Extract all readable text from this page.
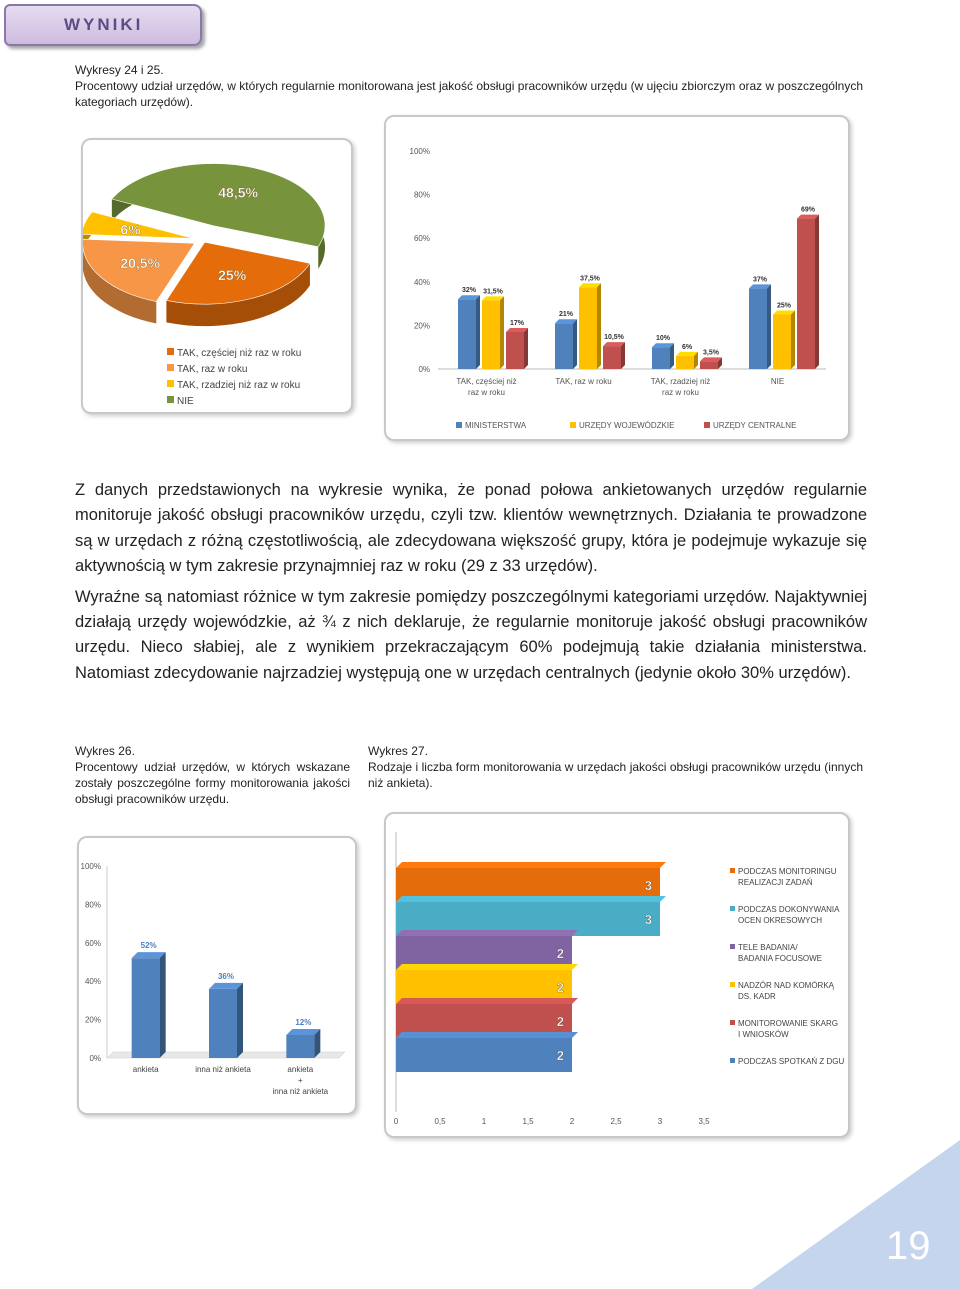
WYNIKI

Wykresy 24 i 25.

Procentowy udział urzędów, w których regularnie monitorowana jest jakość obsługi pracowników urzędu (w ujęciu zbiorczym oraz w poszczególnych kategoriach urzędów).

25%
20,5%
6%
48,5%
TAK, częściej niż raz w roku
TAK, raz w roku
TAK, rzadziej niż raz w roku
NIE
0%
20%
40%
60%
80%
100%
32% 31,5%
17%
TAK, częściej niż raz w roku
21%
37,5%
10,5%
TAK, raz w roku
10%
6%
3,5%
TAK, rzadziej niż raz w roku
37%
25%
69%
NIE
MINISTERSTWA	URZĘDY WOJEWÓDZKIE	URZĘDY CENTRALNE

Z danych przedstawionych na wykresie wynika, że ponad połowa ankietowanych urzędów regularnie monitoruje jakość obsługi pracowników urzędu, czyli tzw. klientów wewnętrznych. Działania te prowadzone są w urzędach z różną częstotliwością, ale zdecydowana większość grupy, która je podejmuje wykazuje się aktywnością w tym zakresie przynajmniej raz w roku (29 z 33 urzędów).

Wyraźne są natomiast różnice w tym zakresie pomiędzy poszczególnymi kategoriami urzędów. Najaktywniej działają urzędy wojewódzkie, aż ¾ z nich deklaruje, że regularnie monitoruje jakość obsługi pracowników urzędu. Nieco słabiej, ale z wynikiem przekraczającym 60% podejmują takie działania ministerstwa. Natomiast zdecydowanie najrzadziej występują one w urzędach centralnych (jedynie około 30% urzędów).

Wykres 26.

Procentowy udział urzędów, w których wskazane zostały poszczególne formy monitorowania jakości obsługi pracowników urzędu.

Wykres 27.

Rodzaje i liczba form monitorowania w urzędach jakości obsługi pracowników urzędu (innych niż ankieta).

0%
20%
40%
60%
80%
100%
52%
ankieta
36%
inna niż ankieta
12%
ankieta + inna niż ankieta
3
3
2
2
2
2
0	0,5	1	1,5	2	2,5	3	3,5
PODCZAS MONITORINGU
REALIZACJI ZADAŃ
PODCZAS DOKONYWANIA
OCEN OKRESOWYCH
TELE BADANIA/
BADANIA FOCUSOWE
NADZÓR NAD KOMÓRKĄ
DS. KADR
MONITOROWANIE SKARG
I WNIOSKÓW
PODCZAS SPOTKAŃ Z DGU
19
